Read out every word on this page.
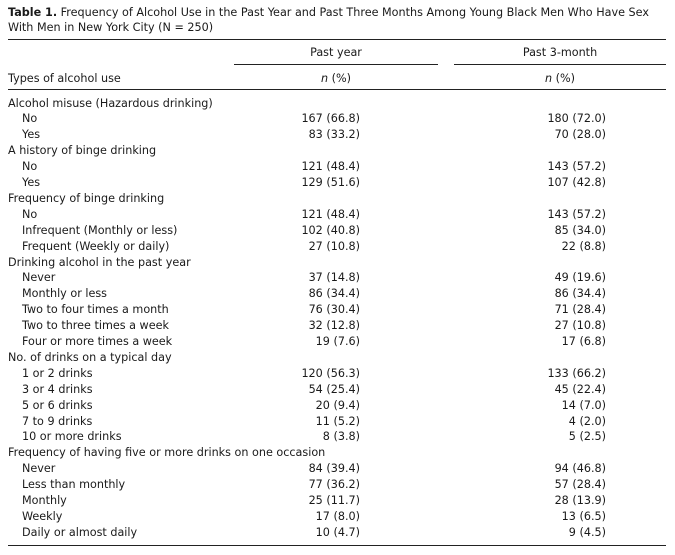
Table 1. Frequency of Alcohol Use in the Past Year and Past Three Months Among Young Black Men Who Have Sex With Men in New York City (N = 250)
Past year	Past 3-month
Types of alcohol use	n (%)	n (%)
Alcohol misuse (Hazardous drinking)
No	167 (66.8)	180 (72.0)
Yes	83 (33.2)	70 (28.0)
A history of binge drinking
No	121 (48.4)	143 (57.2)
Yes	129 (51.6)	107 (42.8)
Frequency of binge drinking
No	121 (48.4)	143 (57.2)
Infrequent (Monthly or less)	102 (40.8)	85 (34.0)
Frequent (Weekly or daily)	27 (10.8)	22 (8.8)
Drinking alcohol in the past year
Never	37 (14.8)	49 (19.6)
Monthly or less	86 (34.4)	86 (34.4)
Two to four times a month	76 (30.4)	71 (28.4)
Two to three times a week	32 (12.8)	27 (10.8)
Four or more times a week	19 (7.6)	17 (6.8)
No. of drinks on a typical day
1 or 2 drinks	120 (56.3)	133 (66.2)
3 or 4 drinks	54 (25.4)	45 (22.4)
5 or 6 drinks	20 (9.4)	14 (7.0)
7 to 9 drinks	11 (5.2)	4 (2.0)
10 or more drinks	8 (3.8)	5 (2.5)
Frequency of having five or more drinks on one occasion
Never	84 (39.4)	94 (46.8)
Less than monthly	77 (36.2)	57 (28.4)
Monthly	25 (11.7)	28 (13.9)
Weekly	17 (8.0)	13 (6.5)
Daily or almost daily	10 (4.7)	9 (4.5)
